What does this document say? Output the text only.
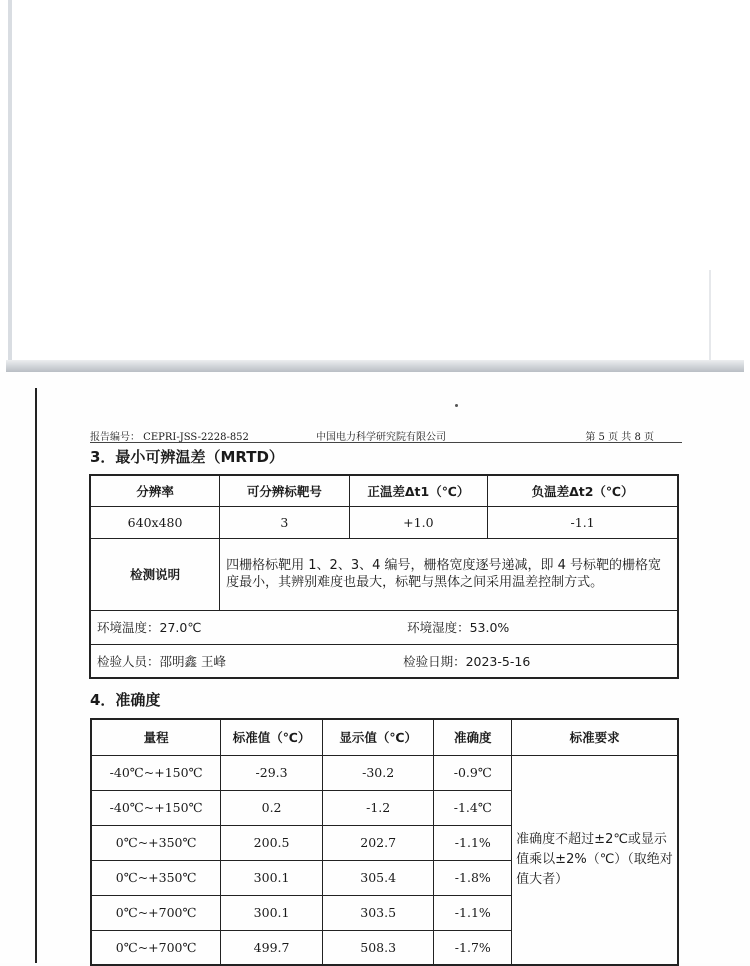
报告编号： CEPRI-JSS-2228-852	中国电力科学研究院有限公司	第 5 页 共 8 页
3．最小可辨温差（MRTD）
分辨率	可分辨标靶号	正温差Δt1（℃）	负温差Δt2（℃）
640x480	3	+1.0	-1.1
检测说明	四栅格标靶用 1、2、3、4 编号，栅格宽度逐号递减，即 4 号标靶的栅格宽度最小，其辨别难度也最大，标靶与黑体之间采用温差控制方式。		
环境温度：27.0℃		环境湿度：53.0%	
检验人员：邵明鑫 王峰		检验日期：2023-5-16	
4．准确度
量程	标准值（℃）	显示值（℃）	准确度	标准要求
-40℃~+150℃	-29.3	-30.2	-0.9℃	准确度不超过±2℃或显示值乘以±2%（℃）（取绝对值大者）
-40℃~+150℃	0.2	-1.2	-1.4℃	
0℃~+350℃	200.5	202.7	-1.1%	
0℃~+350℃	300.1	305.4	-1.8%	
0℃~+700℃	300.1	303.5	-1.1%	
0℃~+700℃	499.7	508.3	-1.7%	
